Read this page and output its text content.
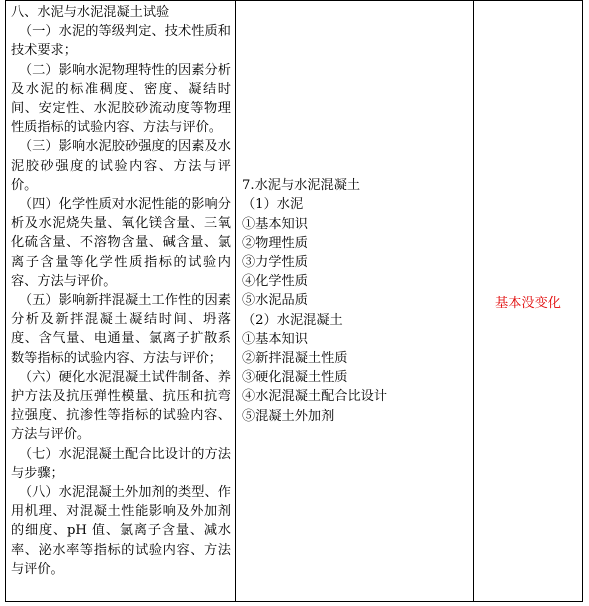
八、水泥与水泥混凝土试验

（一）水泥的等级判定、技术性质和技术要求；

（二）影响水泥物理特性的因素分析及水泥的标准稠度、密度、凝结时间、安定性、水泥胶砂流动度等物理性质指标的试验内容、方法与评价。

（三）影响水泥胶砂强度的因素及水泥胶砂强度的试验内容、方法与评价。

（四）化学性质对水泥性能的影响分析及水泥烧失量、氧化镁含量、三氧化硫含量、不溶物含量、碱含量、氯离子含量等化学性质指标的试验内容、方法与评价。

（五）影响新拌混凝土工作性的因素分析及新拌混凝土凝结时间、坍落度、含气量、电通量、氯离子扩散系数等指标的试验内容、方法与评价；

（六）硬化水泥混凝土试件制备、养护方法及抗压弹性模量、抗压和抗弯拉强度、抗渗性等指标的试验内容、方法与评价。

（七）水泥混凝土配合比设计的方法与步骤；

（八）水泥混凝土外加剂的类型、作用机理、对混凝土性能影响及外加剂的细度、pH 值、氯离子含量、减水率、泌水率等指标的试验内容、方法与评价。

7.水泥与水泥混凝土
（1）水泥
①基本知识
②物理性质
③力学性质
④化学性质
⑤水泥品质
（2）水泥混凝土
①基本知识
②新拌混凝土性质
③硬化混凝土性质
④水泥混凝土配合比设计
⑤混凝土外加剂
基本没变化
